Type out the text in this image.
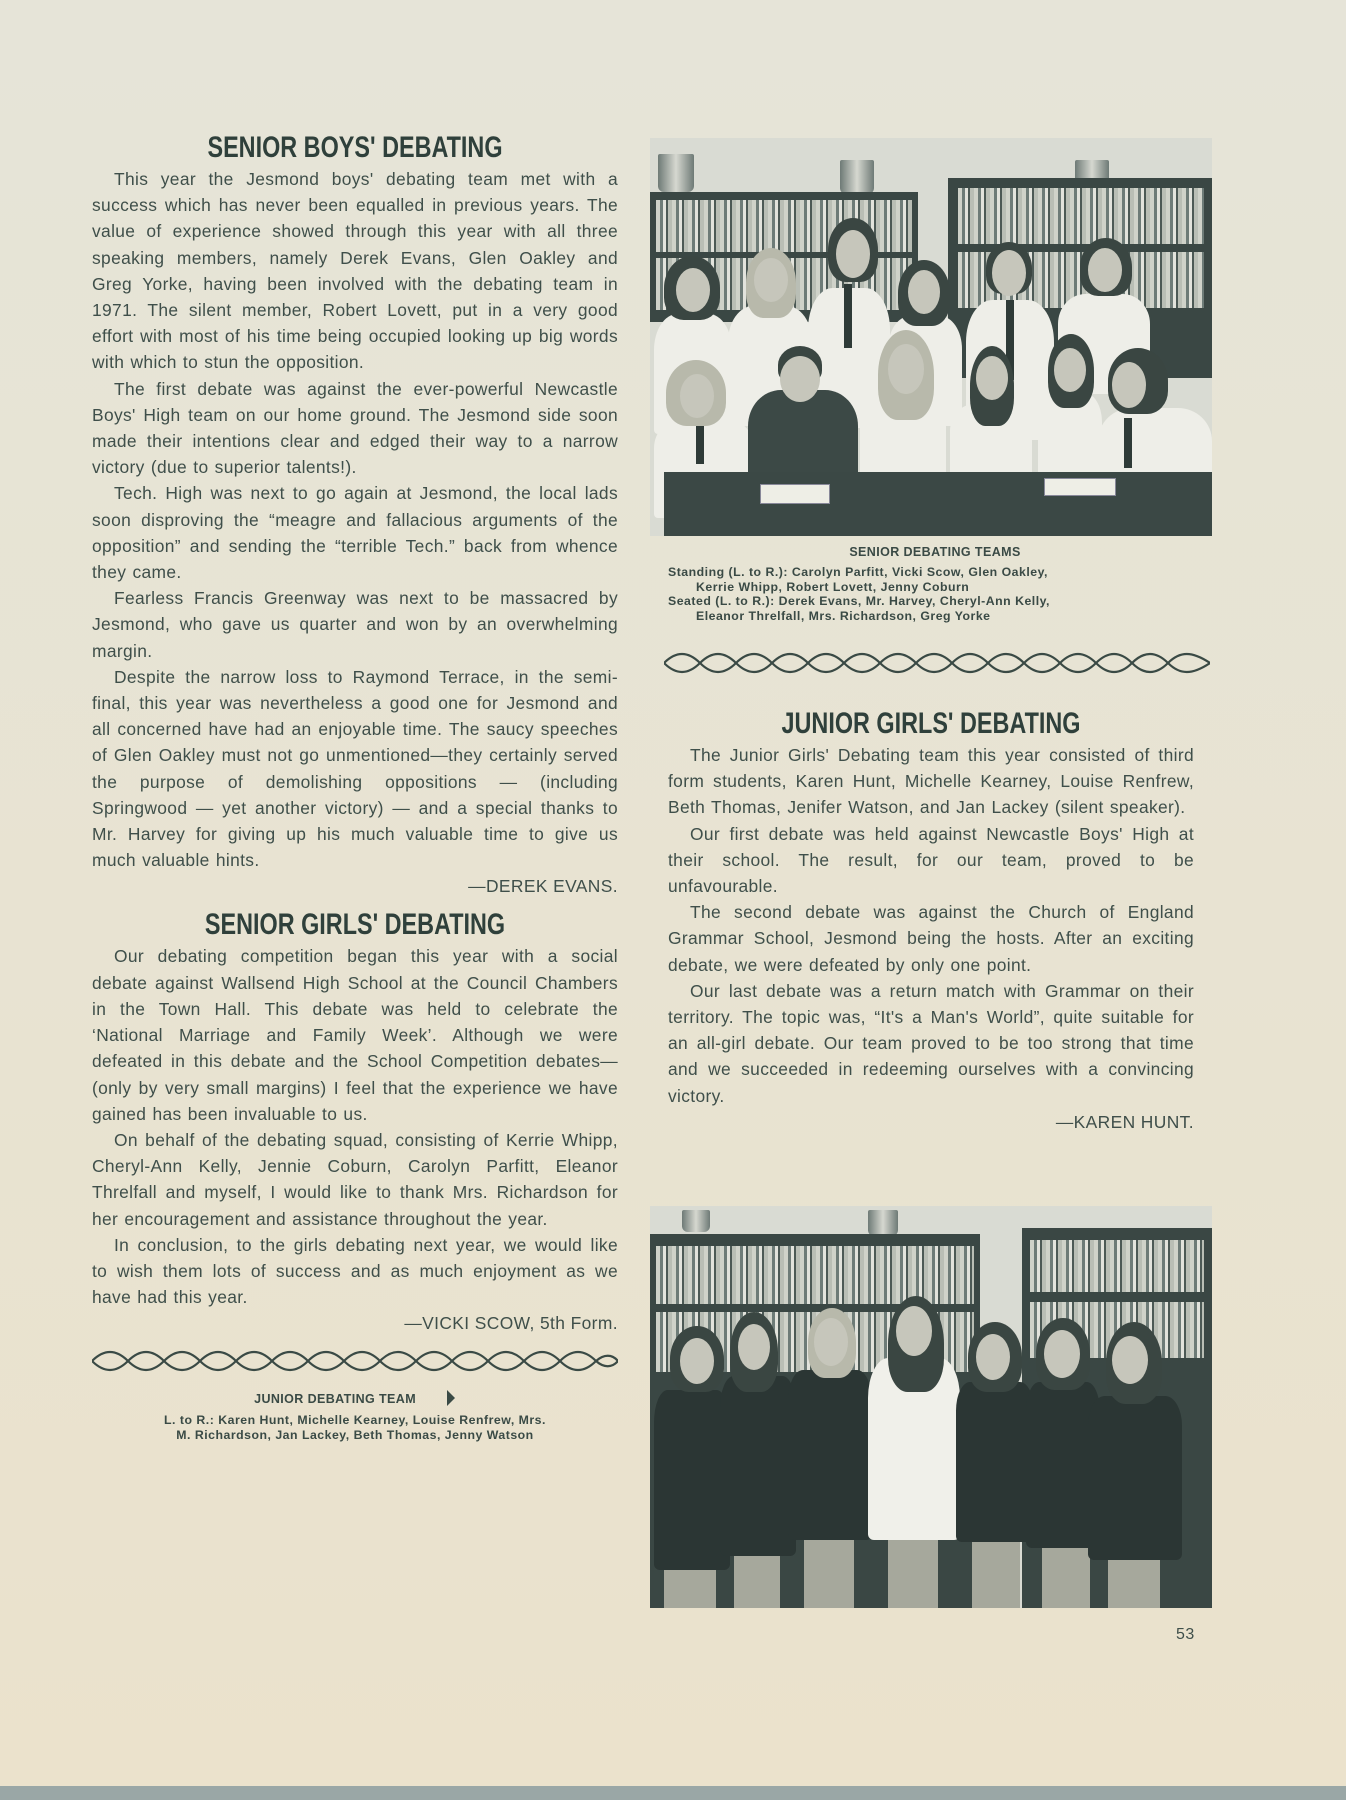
SENIOR BOYS' DEBATING

This year the Jesmond boys' debating team met with a success which has never been equalled in previous years. The value of experience showed through this year with all three speaking members, namely Derek Evans, Glen Oakley and Greg Yorke, having been involved with the debating team in 1971. The silent member, Robert Lovett, put in a very good effort with most of his time being occupied looking up big words with which to stun the opposition.

The first debate was against the ever-powerful Newcastle Boys' High team on our home ground. The Jesmond side soon made their intentions clear and edged their way to a narrow victory (due to superior talents!).

Tech. High was next to go again at Jesmond, the local lads soon disproving the “meagre and fallacious arguments of the opposition” and sending the “terrible Tech.” back from whence they came.

Fearless Francis Greenway was next to be massacred by Jesmond, who gave us quarter and won by an overwhelming margin.

Despite the narrow loss to Raymond Terrace, in the semi-final, this year was nevertheless a good one for Jesmond and all concerned have had an enjoyable time. The saucy speeches of Glen Oakley must not go unmentioned—they certainly served the purpose of demolishing oppositions — (including Springwood — yet another victory) — and a special thanks to Mr. Harvey for giving up his much valuable time to give us much valuable hints.

—DEREK EVANS.
SENIOR GIRLS' DEBATING

Our debating competition began this year with a social debate against Wallsend High School at the Council Chambers in the Town Hall. This debate was held to celebrate the ‘National Marriage and Family Week’. Although we were defeated in this debate and the School Competition debates—(only by very small margins) I feel that the experience we have gained has been invaluable to us.

On behalf of the debating squad, consisting of Kerrie Whipp, Cheryl-Ann Kelly, Jennie Coburn, Carolyn Parfitt, Eleanor Threlfall and myself, I would like to thank Mrs. Richardson for her encouragement and assistance throughout the year.

In conclusion, to the girls debating next year, we would like to wish them lots of success and as much enjoyment as we have had this year.

—VICKI SCOW, 5th Form.
JUNIOR DEBATING TEAM
L. to R.: Karen Hunt, Michelle Kearney, Louise Renfrew, Mrs.
M. Richardson, Jan Lackey, Beth Thomas, Jenny Watson
SENIOR DEBATING TEAMS
Standing (L. to R.): Carolyn Parfitt, Vicki Scow, Glen Oakley,
Kerrie Whipp, Robert Lovett, Jenny Coburn
Seated (L. to R.): Derek Evans, Mr. Harvey, Cheryl-Ann Kelly,
Eleanor Threlfall, Mrs. Richardson, Greg Yorke
JUNIOR GIRLS' DEBATING

The Junior Girls' Debating team this year consisted of third form students, Karen Hunt, Michelle Kearney, Louise Renfrew, Beth Thomas, Jenifer Watson, and Jan Lackey (silent speaker).

Our first debate was held against Newcastle Boys' High at their school. The result, for our team, proved to be unfavourable.

The second debate was against the Church of England Grammar School, Jesmond being the hosts. After an exciting debate, we were defeated by only one point.

Our last debate was a return match with Grammar on their territory. The topic was, “It's a Man's World”, quite suitable for an all-girl debate. Our team proved to be too strong that time and we succeeded in redeeming ourselves with a convincing victory.

—KAREN HUNT.
53
